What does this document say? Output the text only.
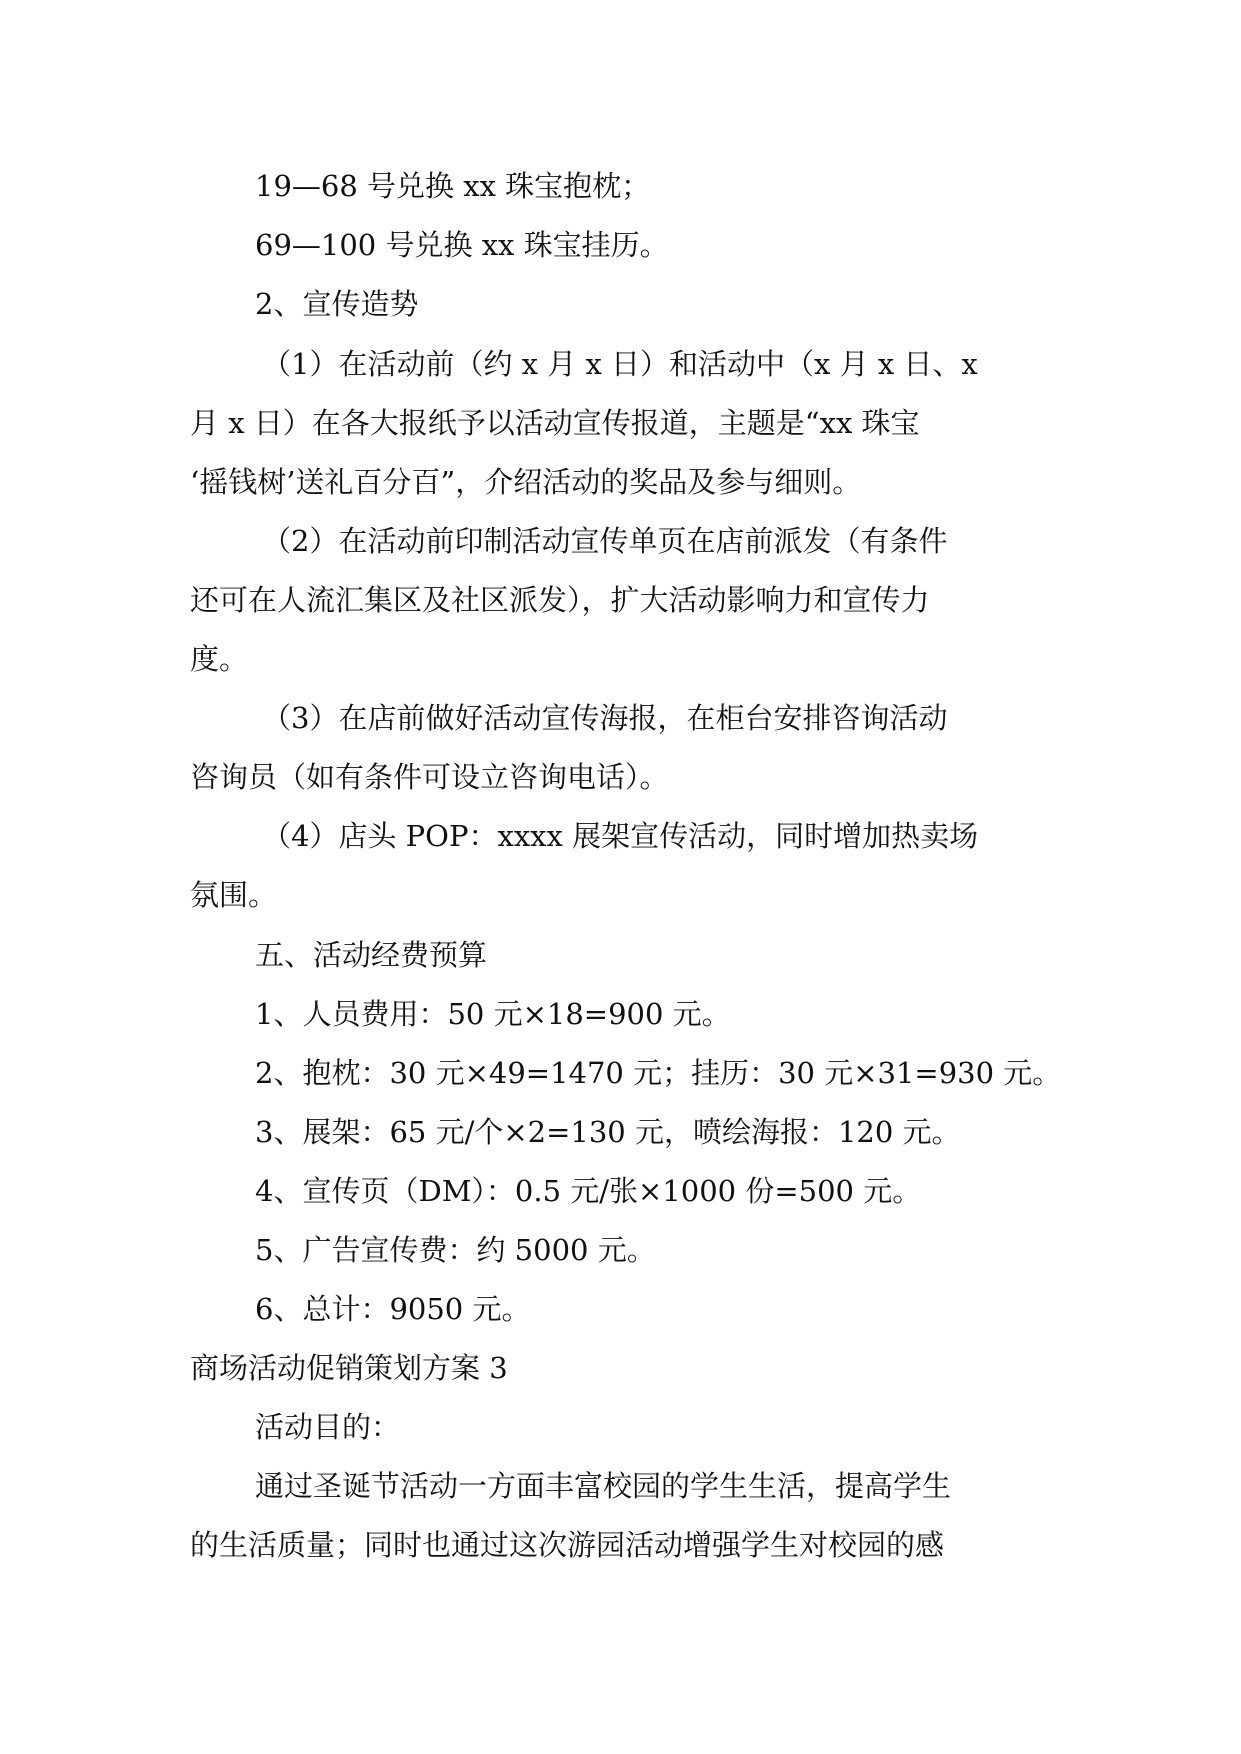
19—68 号兑换 xx 珠宝抱枕；

69—100 号兑换 xx 珠宝挂历。

2、宣传造势

（1）在活动前（约 x 月 x 日）和活动中（x 月 x 日、x

月 x 日）在各大报纸予以活动宣传报道，主题是“xx 珠宝

‘摇钱树’送礼百分百”，介绍活动的奖品及参与细则。

（2）在活动前印制活动宣传单页在店前派发（有条件

还可在人流汇集区及社区派发），扩大活动影响力和宣传力

度。

（3）在店前做好活动宣传海报，在柜台安排咨询活动

咨询员（如有条件可设立咨询电话）。

（4）店头 POP：xxxx 展架宣传活动，同时增加热卖场

氛围。

五、活动经费预算

1、人员费用：50 元×18=900 元。

2、抱枕：30 元×49=1470 元；挂历：30 元×31=930 元。

3、展架：65 元/个×2=130 元，喷绘海报：120 元。

4、宣传页（DM）：0.5 元/张×1000 份=500 元。

5、广告宣传费：约 5000 元。

6、总计：9050 元。

商场活动促销策划方案 3

活动目的：

通过圣诞节活动一方面丰富校园的学生生活，提高学生

的生活质量；同时也通过这次游园活动增强学生对校园的感
